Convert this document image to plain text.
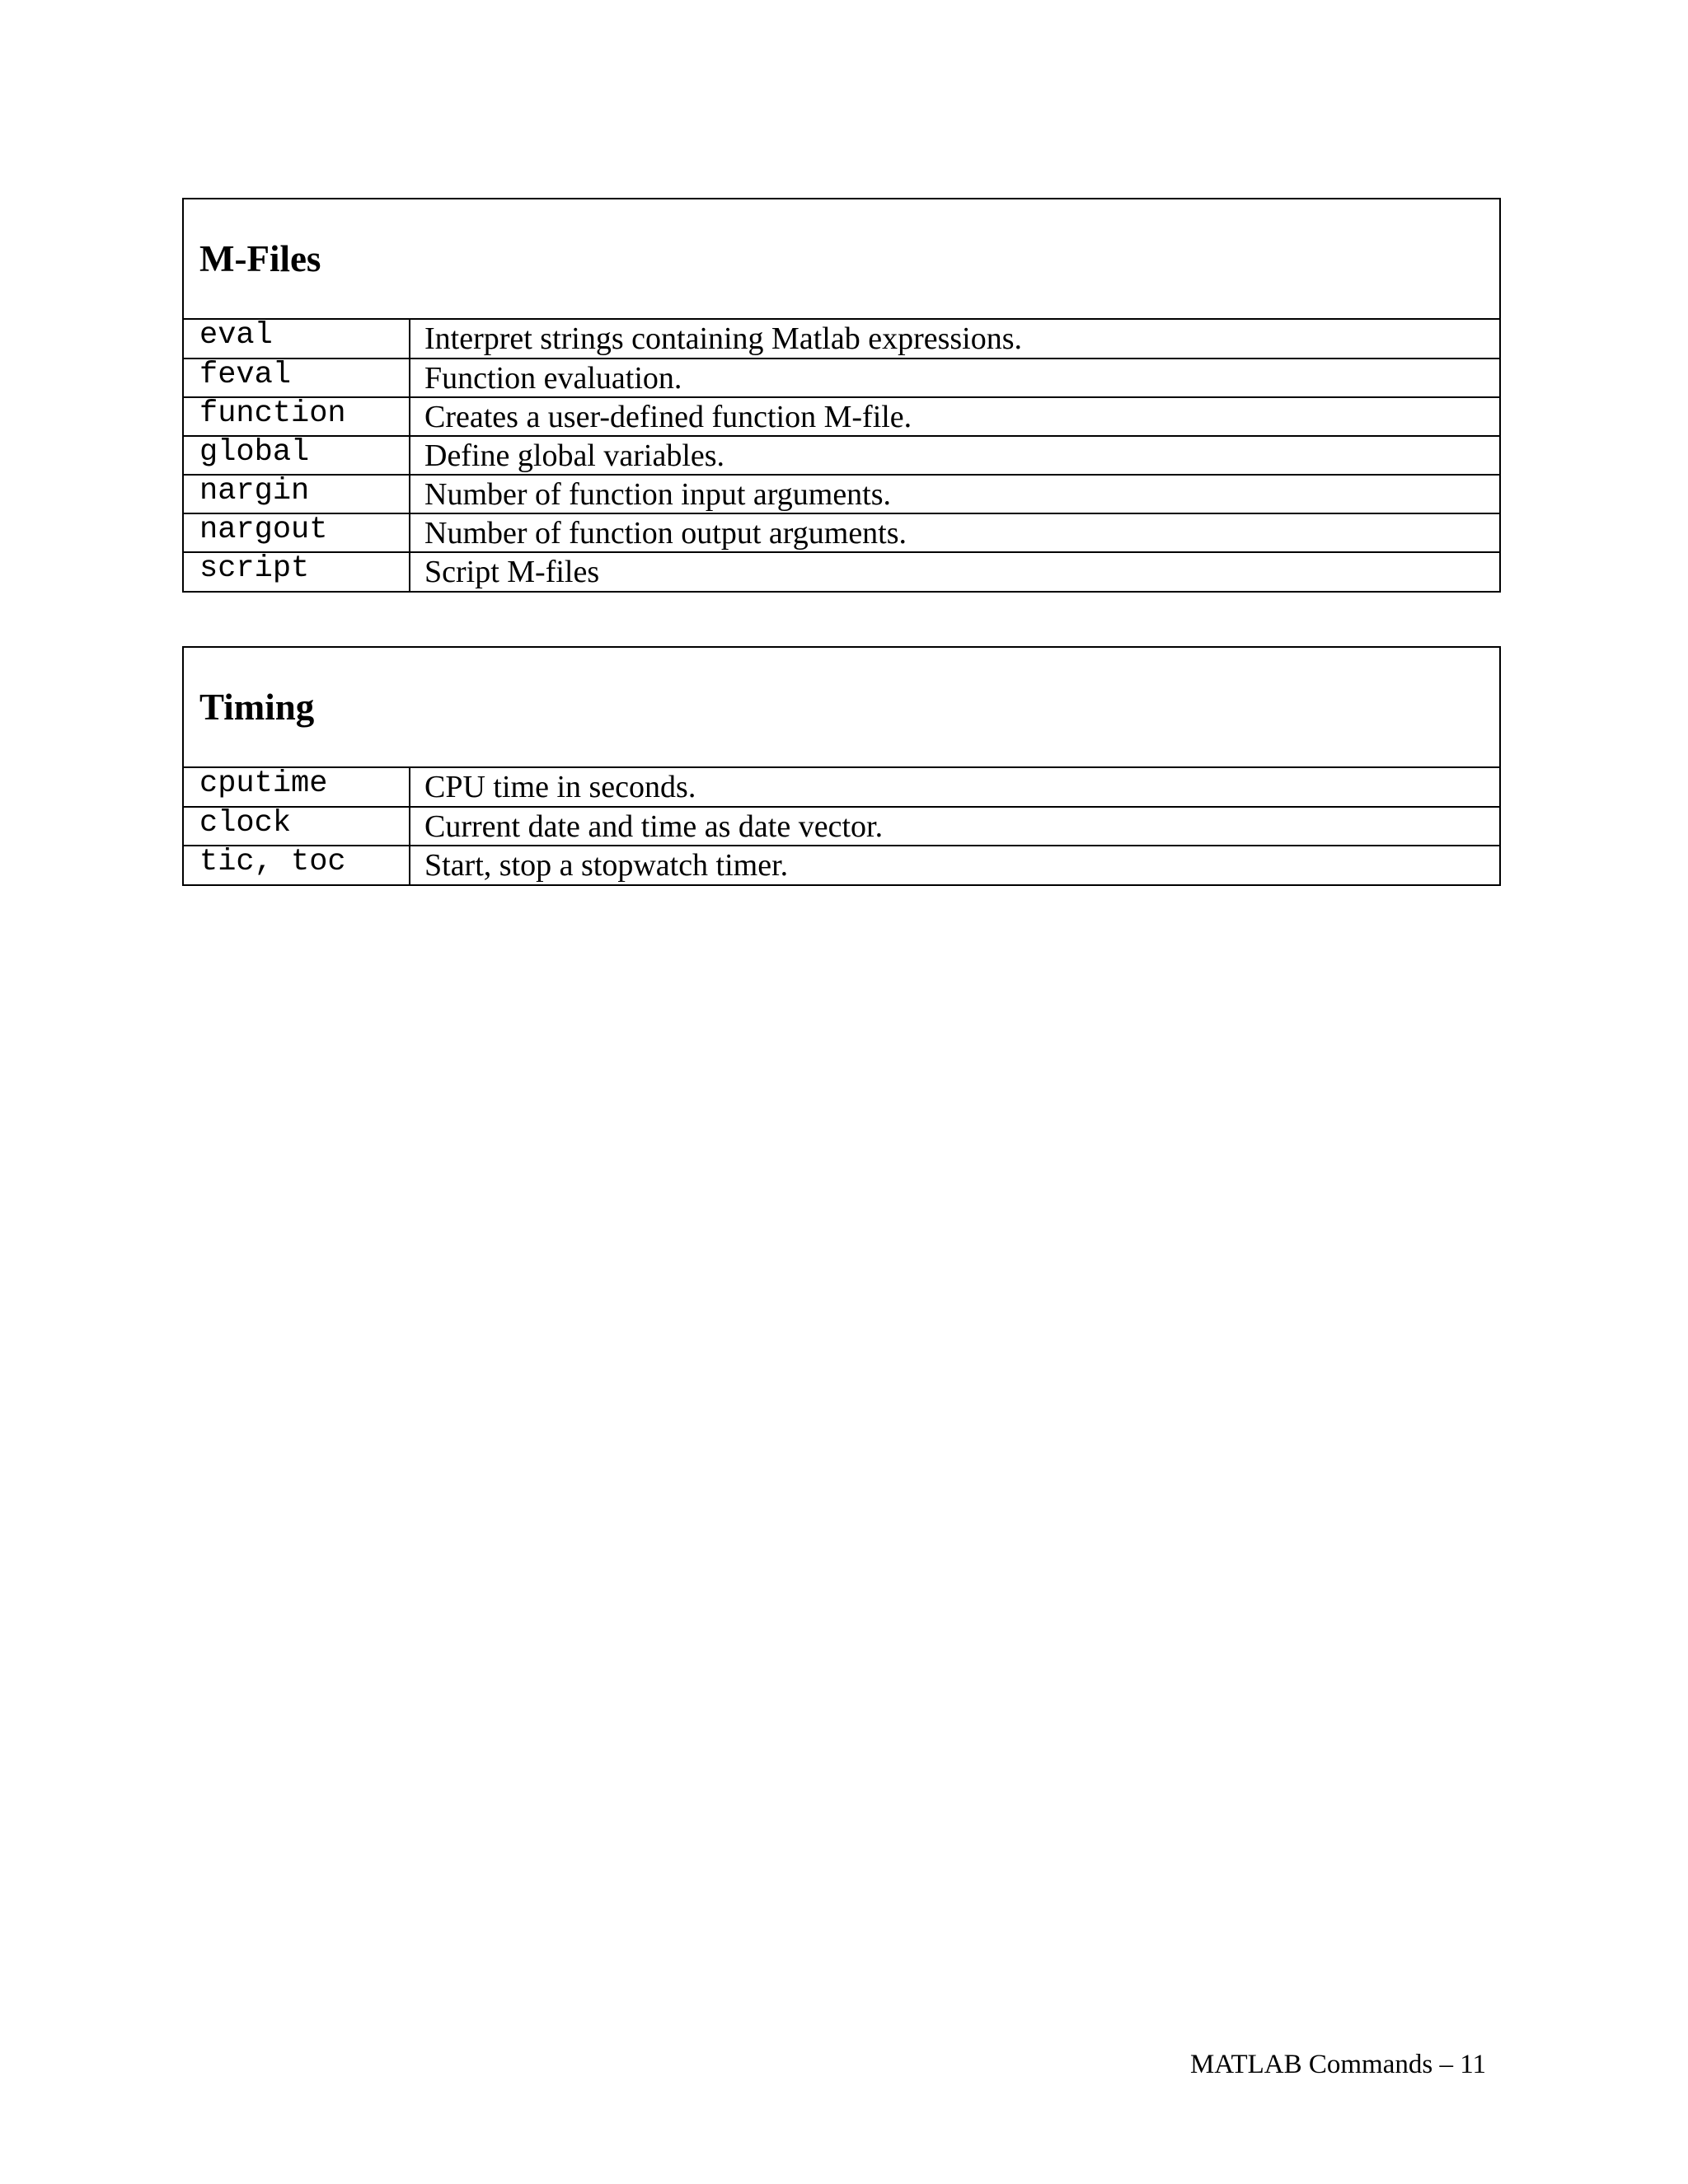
M-Files
eval	Interpret strings containing Matlab expressions.
feval	Function evaluation.
function	Creates a user-defined function M-file.
global	Define global variables.
nargin	Number of function input arguments.
nargout	Number of function output arguments.
script	Script M-files
Timing
cputime	CPU time in seconds.
clock	Current date and time as date vector.
tic, toc	Start, stop a stopwatch timer.
MATLAB Commands – 11
